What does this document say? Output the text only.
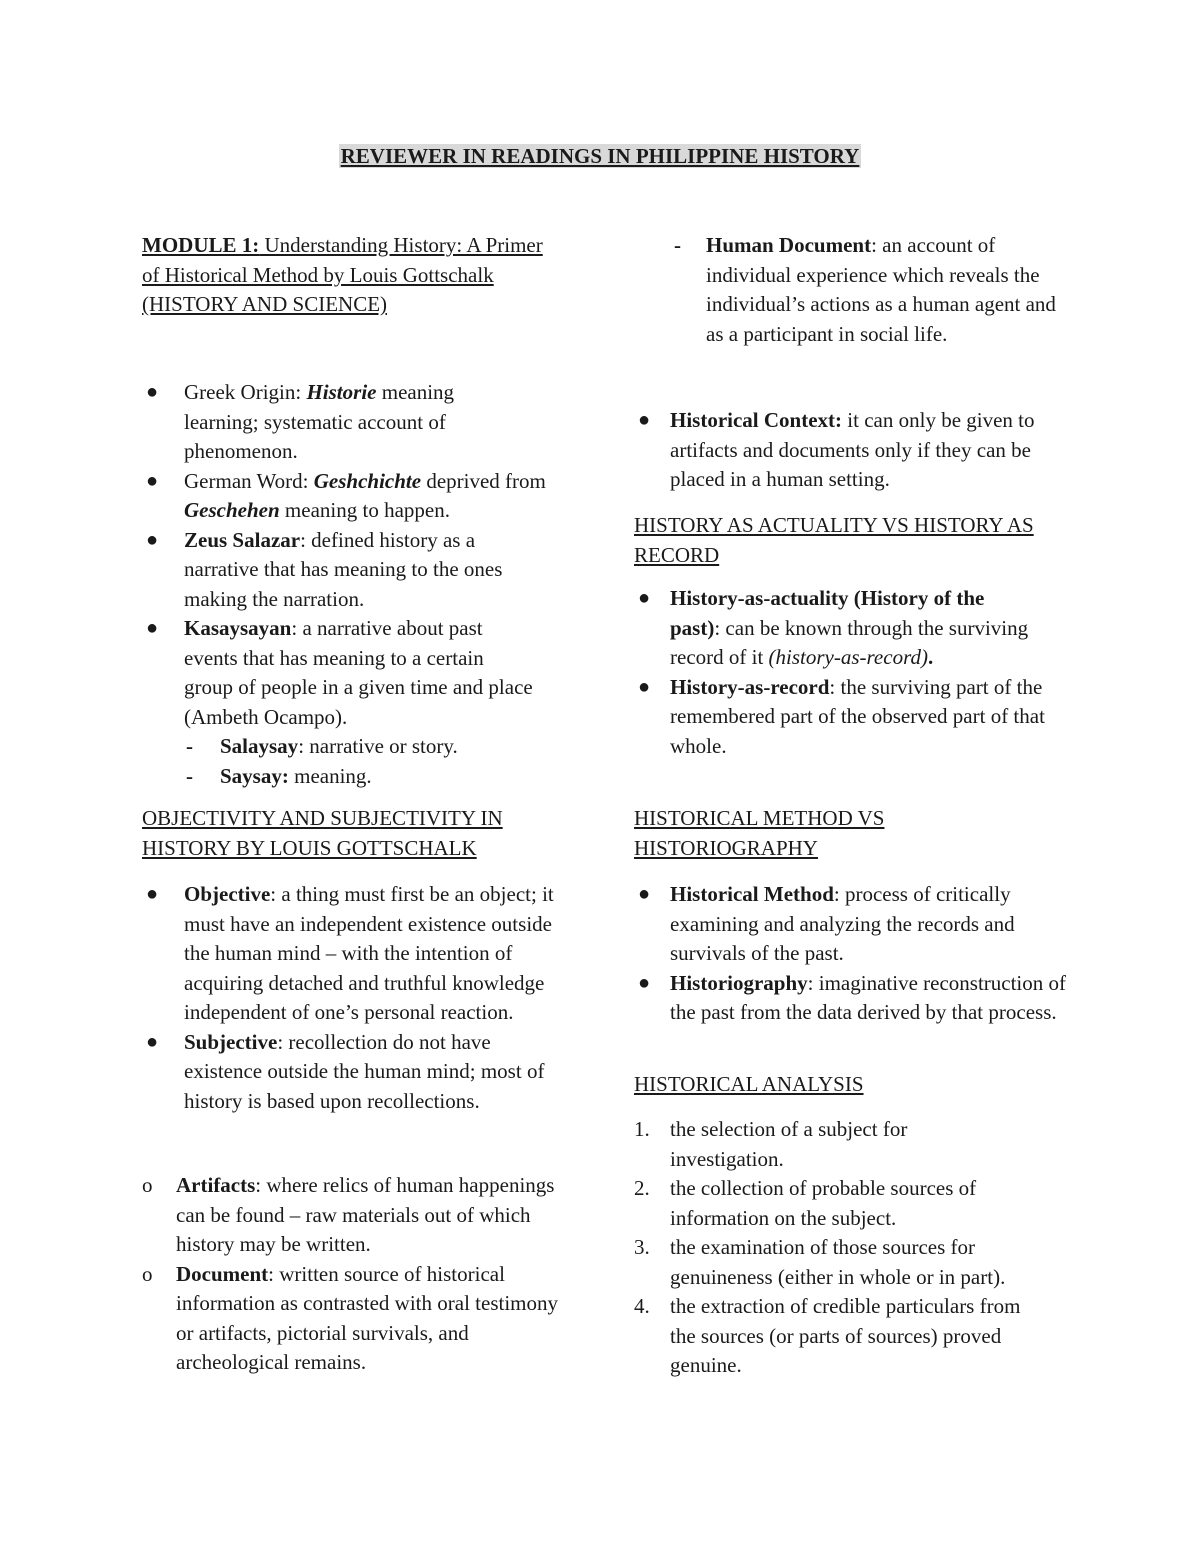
REVIEWER IN READINGS IN PHILIPPINE HISTORY

MODULE 1: Understanding History: A Primer of Historical Method by Louis Gottschalk (HISTORY AND SCIENCE)

● Greek Origin: Historie meaning learning; systematic account of phenomenon.
● German Word: Geshchichte deprived from Geschehen meaning to happen.
● Zeus Salazar: defined history as a narrative that has meaning to the ones making the narration.
● Kasaysayan: a narrative about past events that has meaning to a certain group of people in a given time and place (Ambeth Ocampo).
- Salaysay: narrative or story.
- Saysay: meaning.

OBJECTIVITY AND SUBJECTIVITY IN HISTORY BY LOUIS GOTTSCHALK

● Objective: a thing must first be an object; it must have an independent existence outside the human mind – with the intention of acquiring detached and truthful knowledge independent of one’s personal reaction.
● Subjective: recollection do not have existence outside the human mind; most of history is based upon recollections.
o Artifacts: where relics of human happenings can be found – raw materials out of which history may be written.
o Document: written source of historical information as contrasted with oral testimony or artifacts, pictorial survivals, and archeological remains.
- Human Document: an account of individual experience which reveals the individual’s actions as a human agent and as a participant in social life.
● Historical Context: it can only be given to artifacts and documents only if they can be placed in a human setting.

HISTORY AS ACTUALITY VS HISTORY AS RECORD

● History-as-actuality (History of the past): can be known through the surviving record of it (history-as-record).
● History-as-record: the surviving part of the remembered part of the observed part of that whole.

HISTORICAL METHOD VS HISTORIOGRAPHY

● Historical Method: process of critically examining and analyzing the records and survivals of the past.
● Historiography: imaginative reconstruction of the past from the data derived by that process.

HISTORICAL ANALYSIS

1. the selection of a subject for investigation.
2. the collection of probable sources of information on the subject.
3. the examination of those sources for genuineness (either in whole or in part).
4. the extraction of credible particulars from the sources (or parts of sources) proved genuine.
